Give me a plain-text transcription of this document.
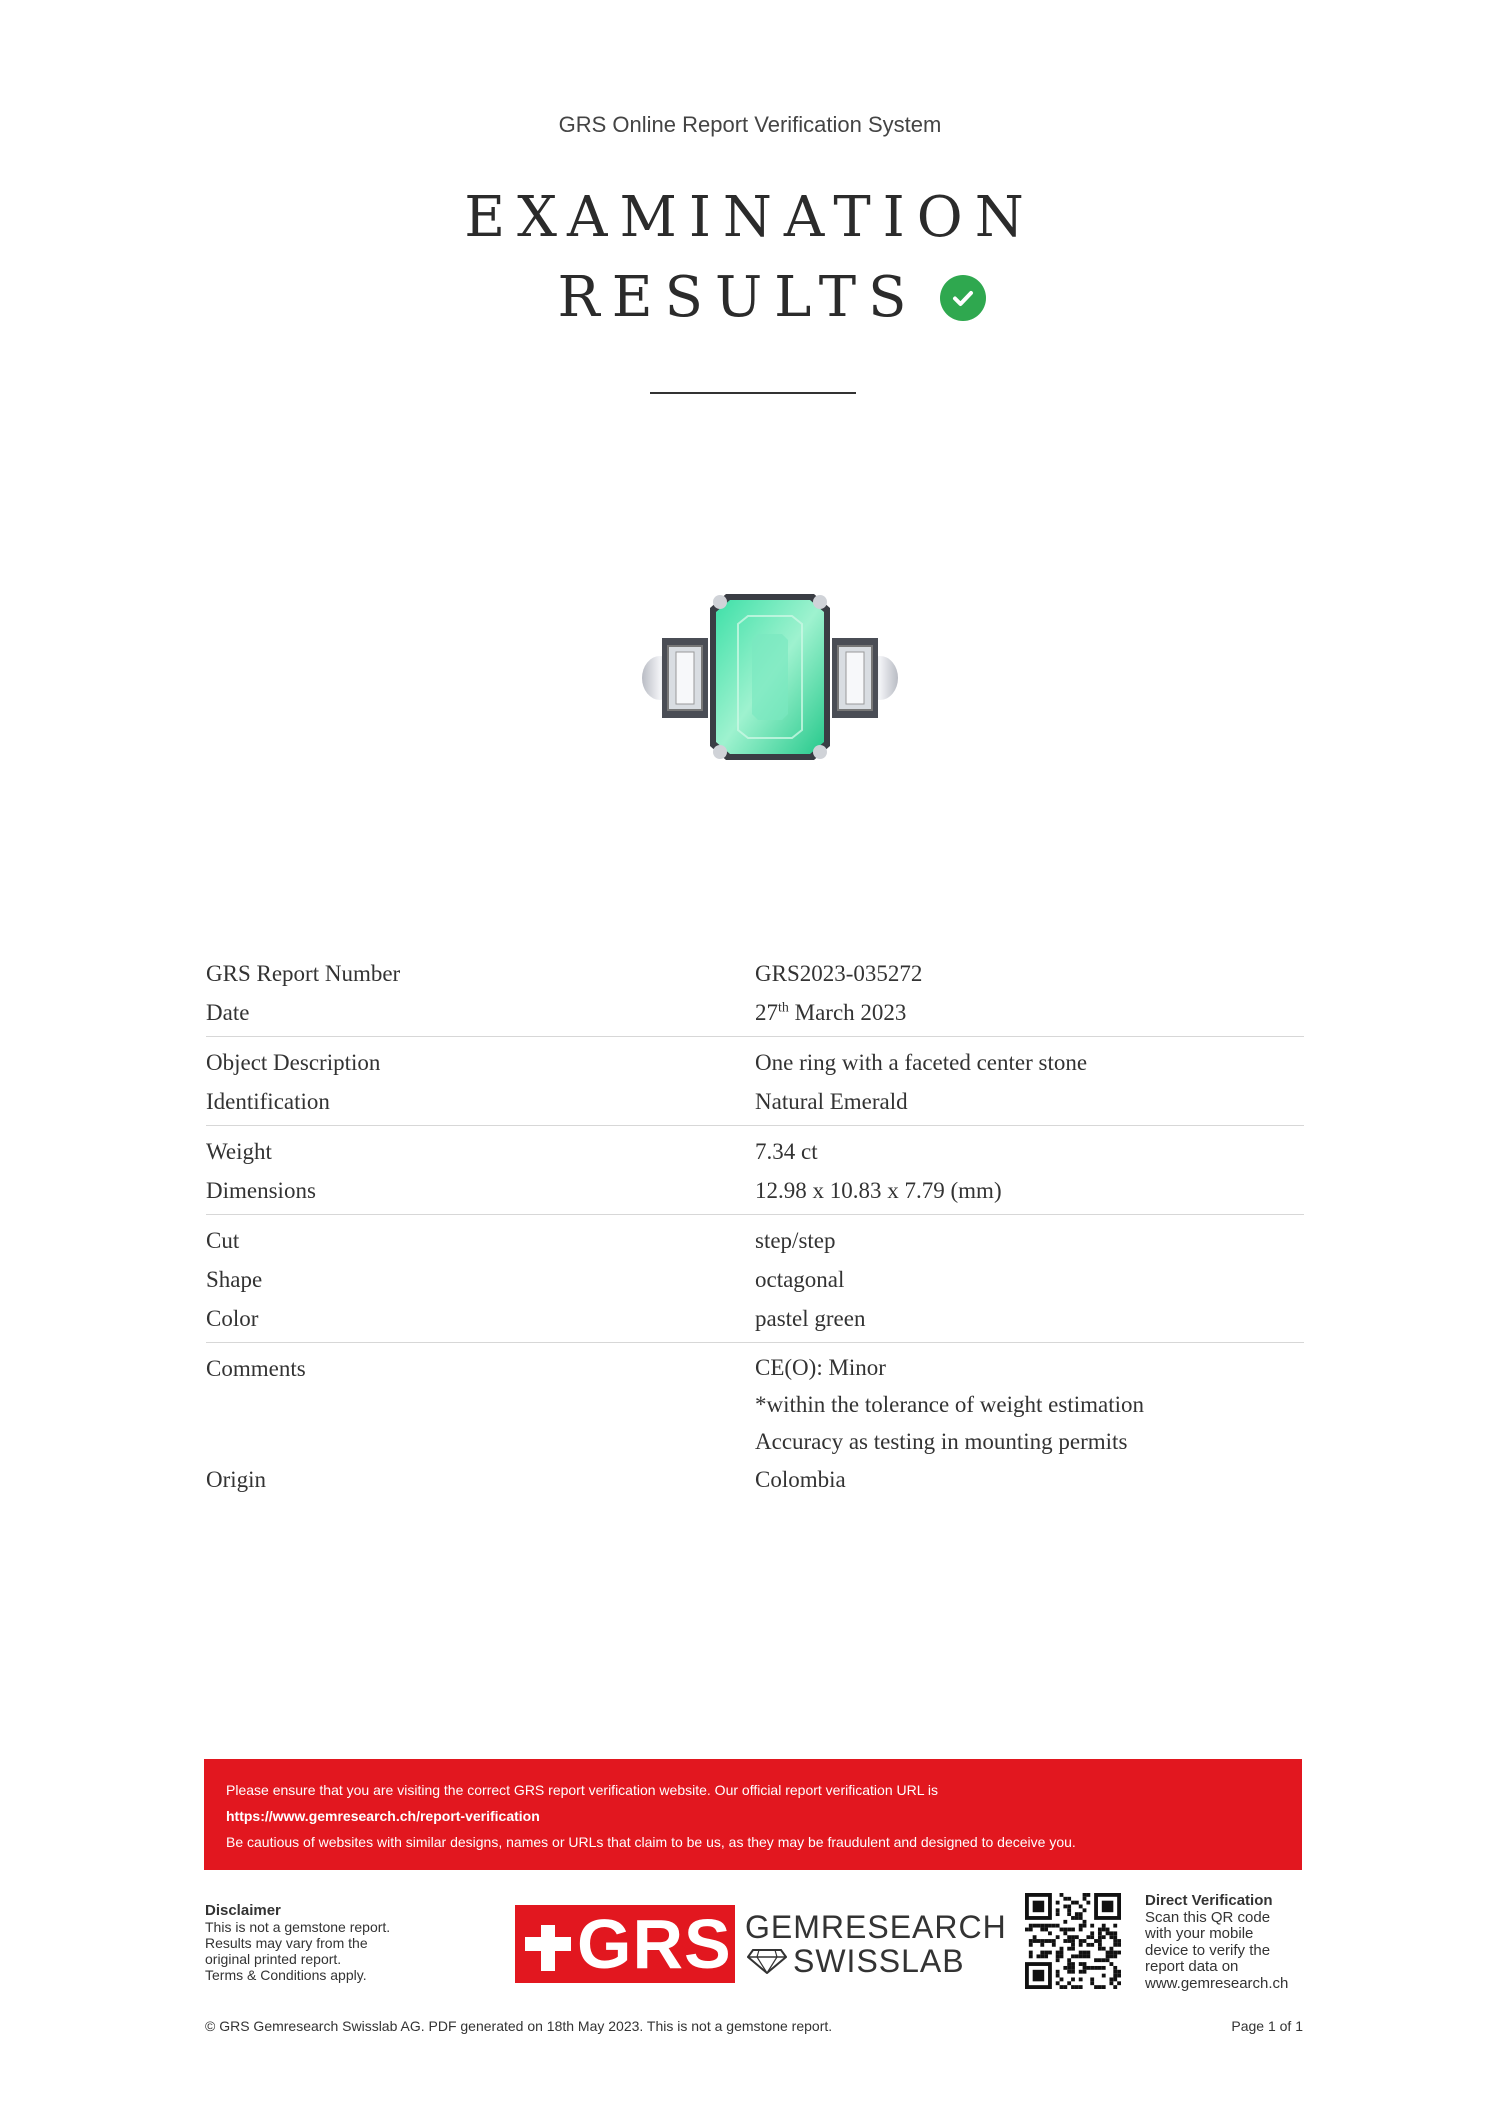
GRS Online Report Verification System
EXAMINATION
RESULTS
GRS Report Number	GRS2023-035272
Date	27th March 2023
Object Description	One ring with a faceted center stone
Identification	Natural Emerald
Weight	7.34 ct
Dimensions	12.98 x 10.83 x 7.79 (mm)
Cut	step/step
Shape	octagonal
Color	pastel green
Comments	CE(O): Minor
*within the tolerance of weight estimation
Accuracy as testing in mounting permits
Origin	Colombia
Please ensure that you are visiting the correct GRS report verification website. Our official report verification URL is
https://www.gemresearch.ch/report-verification
Be cautious of websites with similar designs, names or URLs that claim to be us, as they may be fraudulent and designed to deceive you.
Disclaimer
This is not a gemstone report.
Results may vary from the
original printed report.
Terms & Conditions apply.	GRS GEMRESEARCH
SWISSLAB
Direct Verification
Scan this QR code
with your mobile
device to verify the
report data on
www.gemresearch.ch
© GRS Gemresearch Swisslab AG. PDF generated on 18th May 2023. This is not a gemstone report.	Page 1 of 1
